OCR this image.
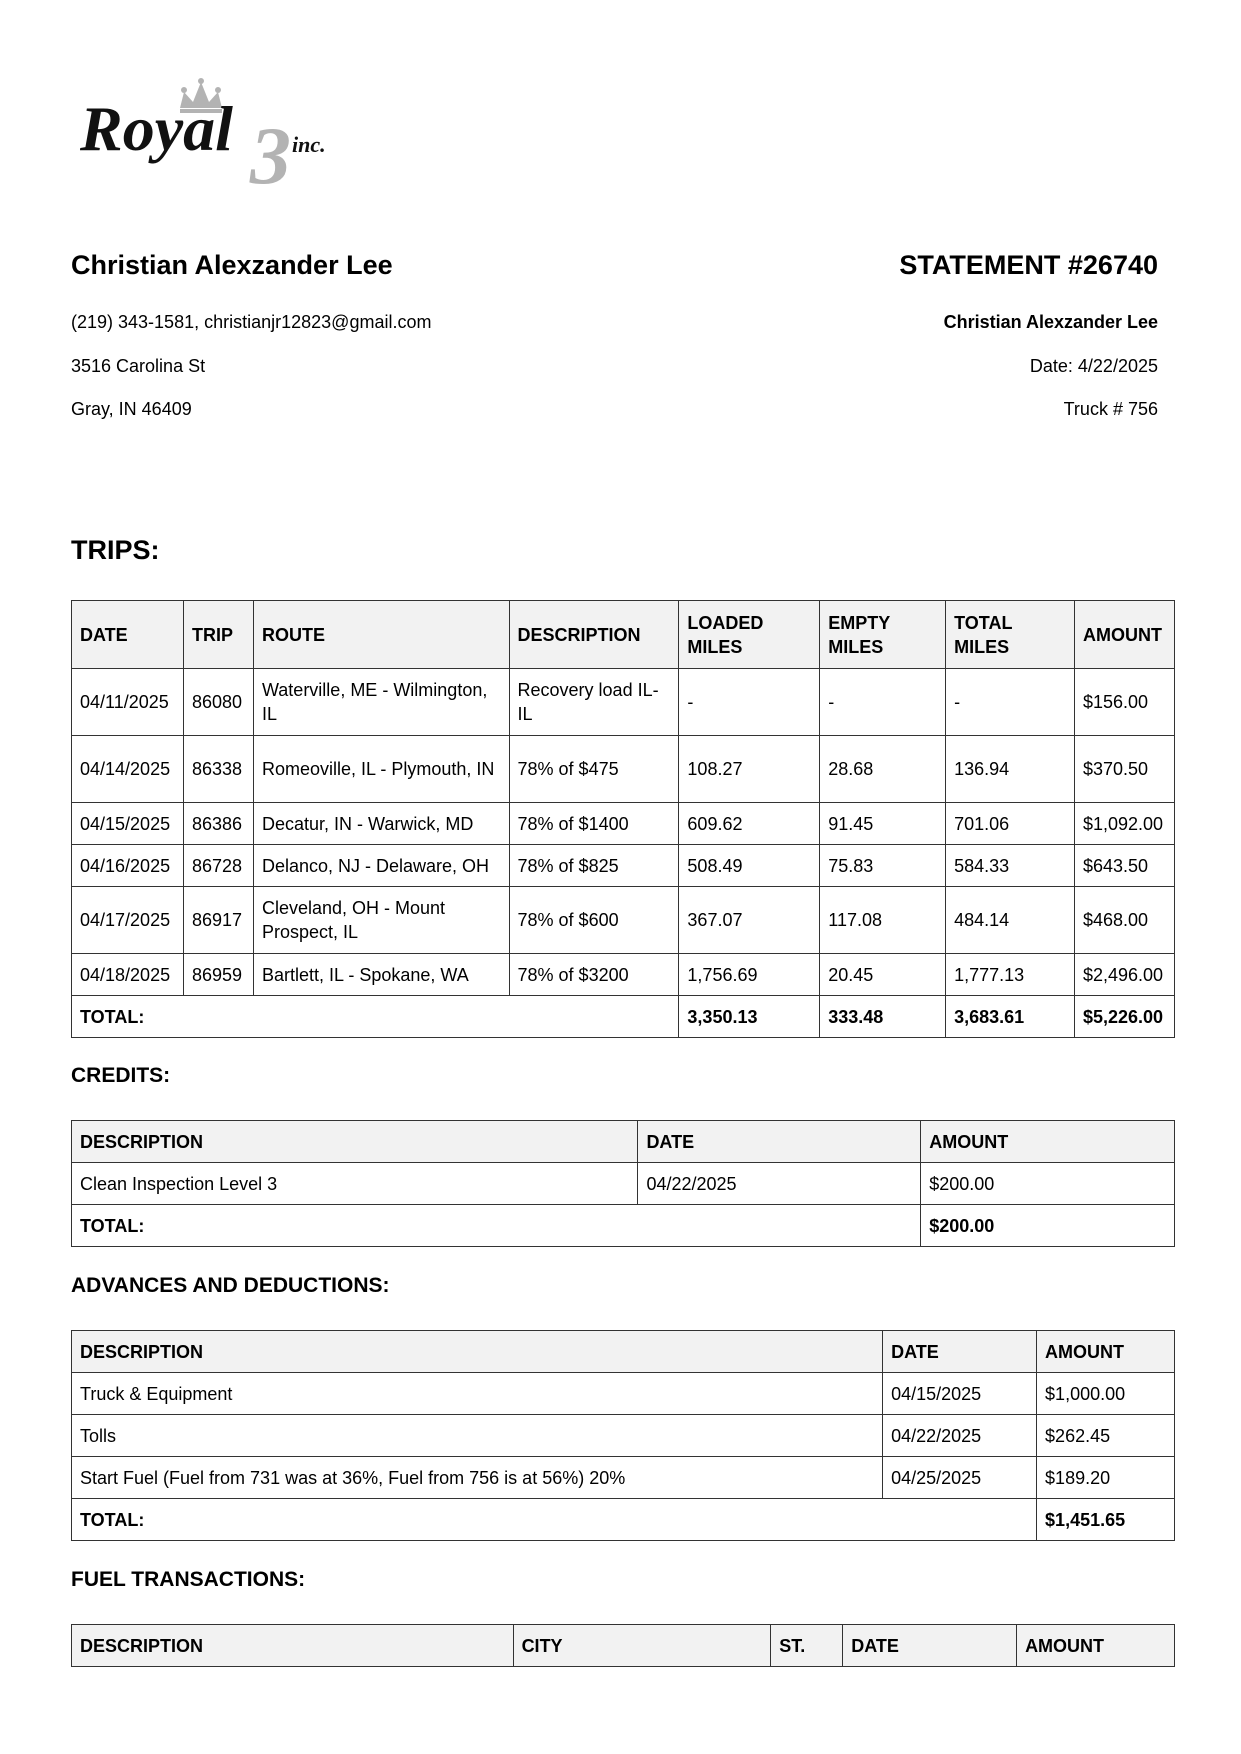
3
Royal	inc.
Christian Alexzander Lee
(219) 343-1581, christianjr12823@gmail.com
3516 Carolina St
Gray, IN 46409
STATEMENT #26740
Christian Alexzander Lee
Date: 4/22/2025
Truck # 756
TRIPS:
DATE	TRIP	ROUTE	DESCRIPTION	LOADED MILES	EMPTY MILES	TOTAL MILES	AMOUNT
04/11/2025	86080	Waterville, ME - Wilmington, IL	Recovery load IL-IL	-	-	-	$156.00
04/14/2025	86338	Romeoville, IL - Plymouth, IN	78% of $475	108.27	28.68	136.94	$370.50
04/15/2025	86386	Decatur, IN - Warwick, MD	78% of $1400	609.62	91.45	701.06	$1,092.00
04/16/2025	86728	Delanco, NJ - Delaware, OH	78% of $825	508.49	75.83	584.33	$643.50
04/17/2025	86917	Cleveland, OH - Mount Prospect, IL	78% of $600	367.07	117.08	484.14	$468.00
04/18/2025	86959	Bartlett, IL - Spokane, WA	78% of $3200	1,756.69	20.45	1,777.13	$2,496.00
TOTAL:				3,350.13	333.48	3,683.61	$5,226.00
CREDITS:
DESCRIPTION	DATE	AMOUNT
Clean Inspection Level 3	04/22/2025	$200.00
TOTAL:		$200.00
ADVANCES AND DEDUCTIONS:
DESCRIPTION	DATE	AMOUNT
Truck & Equipment	04/15/2025	$1,000.00
Tolls	04/22/2025	$262.45
Start Fuel (Fuel from 731 was at 36%, Fuel from 756 is at 56%) 20%	04/25/2025	$189.20
TOTAL:		$1,451.65
FUEL TRANSACTIONS:
DESCRIPTION	CITY	ST.	DATE	AMOUNT
